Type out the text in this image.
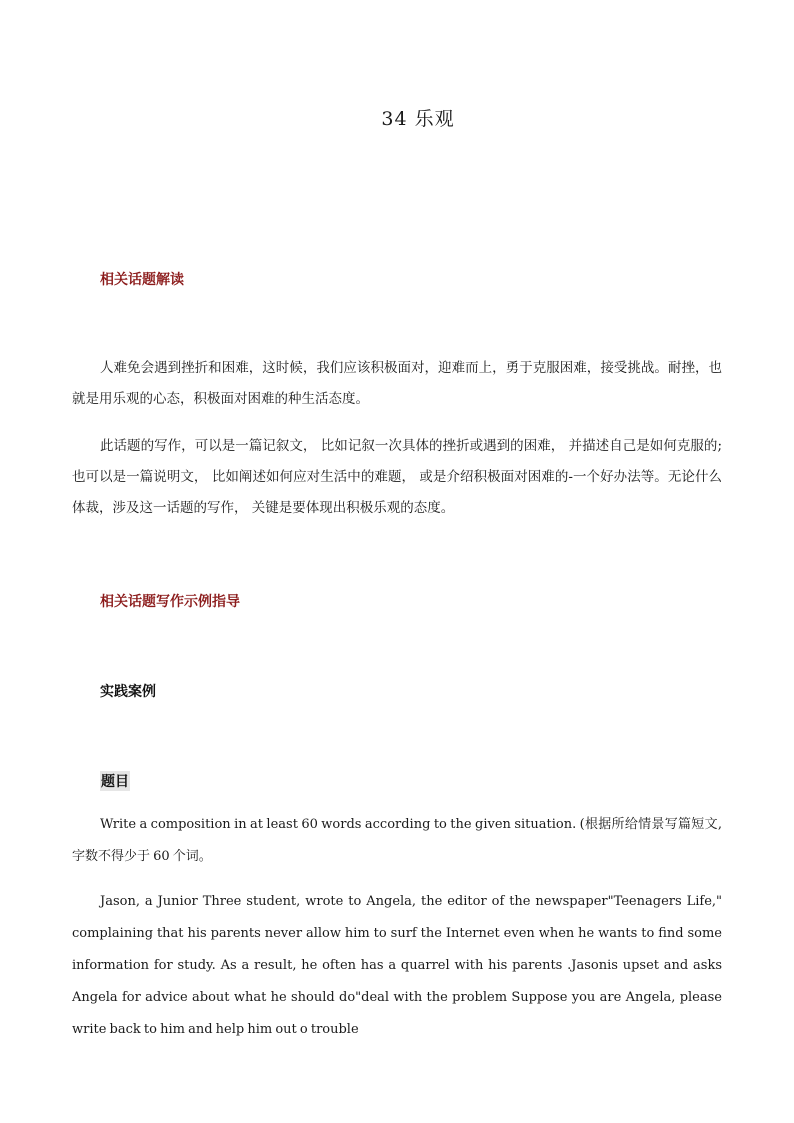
34 乐观
相关话题解读

人难免会遇到挫折和困难，这时候，我们应该积极面对，迎难而上，勇于克服困难，接受挑战。耐挫，也就是用乐观的心态，积极面对困难的种生活态度。

此话题的写作，可以是一篇记叙文， 比如记叙一次具体的挫折或遇到的困难， 并描述自己是如何克服的;也可以是一篇说明文， 比如阐述如何应对生活中的难题， 或是介绍积极面对困难的-一个好办法等。无论什么体裁，涉及这一话题的写作， 关键是要体现出积极乐观的态度。

相关话题写作示例指导
实践案例
题目

Write a composition in at least 60 words according to the given situation. (根据所给情景写篇短文,字数不得少于 60 个词。

Jason, a Junior Three student, wrote to Angela, the editor of the newspaper"Teenagers Life," complaining that his parents never allow him to surf the Internet even when he wants to find some information for study. As a result, he often has a quarrel with his parents .Jasonis upset and asks Angela for advice about what he should do"deal with the problem Suppose you are Angela, please write back to him and help him out o trouble
